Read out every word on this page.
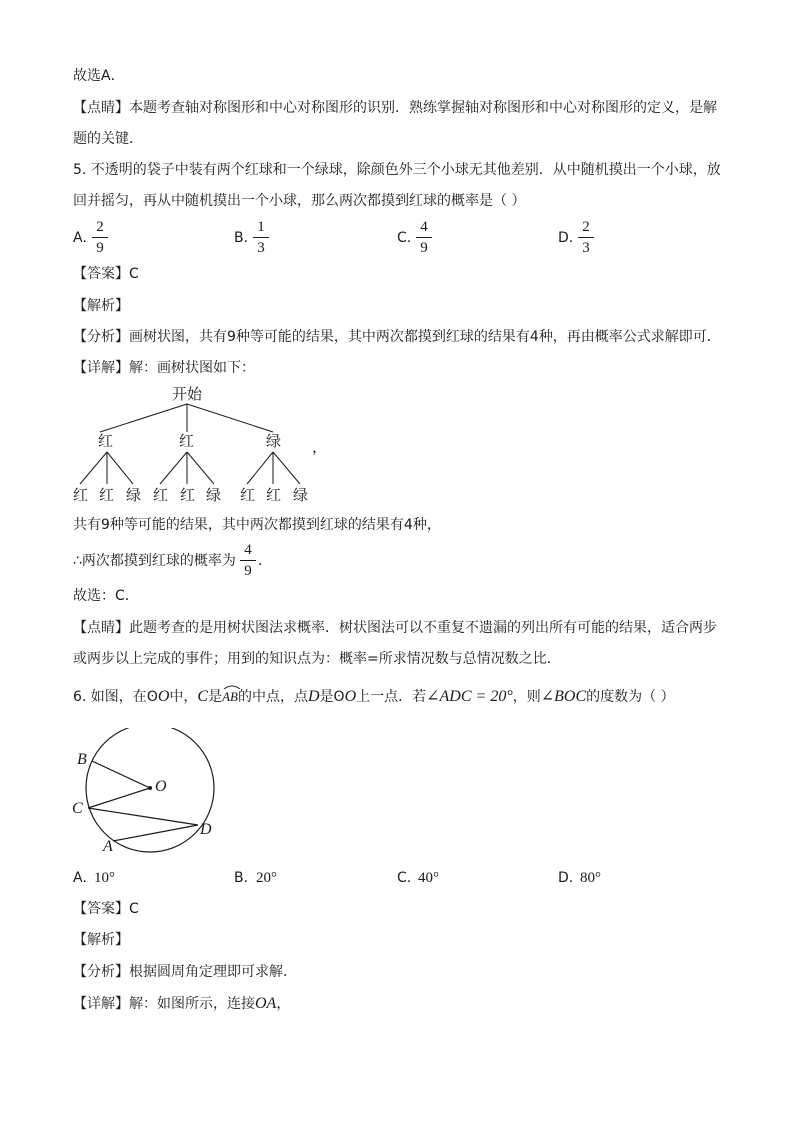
故选A．
【点睛】本题考查轴对称图形和中心对称图形的识别．熟练掌握轴对称图形和中心对称图形的定义，是解
题的关键．
5. 不透明的袋子中装有两个红球和一个绿球，除颜色外三个小球无其他差别．从中随机摸出一个小球，放
回并摇匀，再从中随机摸出一个小球，那么两次都摸到红球的概率是（ ）
A.
2
9
B.
1
3
C.
4
9
D.
2
3
【答案】C
【解析】
【分析】画树状图，共有9种等可能的结果，其中两次都摸到红球的结果有4种，再由概率公式求解即可．
【详解】解：画树状图如下：
开始
红	红	绿 ，
红 红 绿 红 红 绿 红 红 绿
共有9种等可能的结果，其中两次都摸到红球的结果有4种，
∴两次都摸到红球的概率为
4
9
．
故选：C．
【点睛】此题考查的是用树状图法求概率．树状图法可以不重复不遗漏的列出所有可能的结果，适合两步
或两步以上完成的事件；用到的知识点为：概率=所求情况数与总情况数之比．
6. 如图，在ʘO中，C是
AB的中点，点D是ʘO上一点．若∠ADC = 20°，则∠BOC的度数为（ ）
B
O
C
D
A
A. 10°	B. 20°	C. 40°	D. 80°
【答案】C
【解析】
【分析】根据圆周角定理即可求解．
【详解】解：如图所示，连接OA，
